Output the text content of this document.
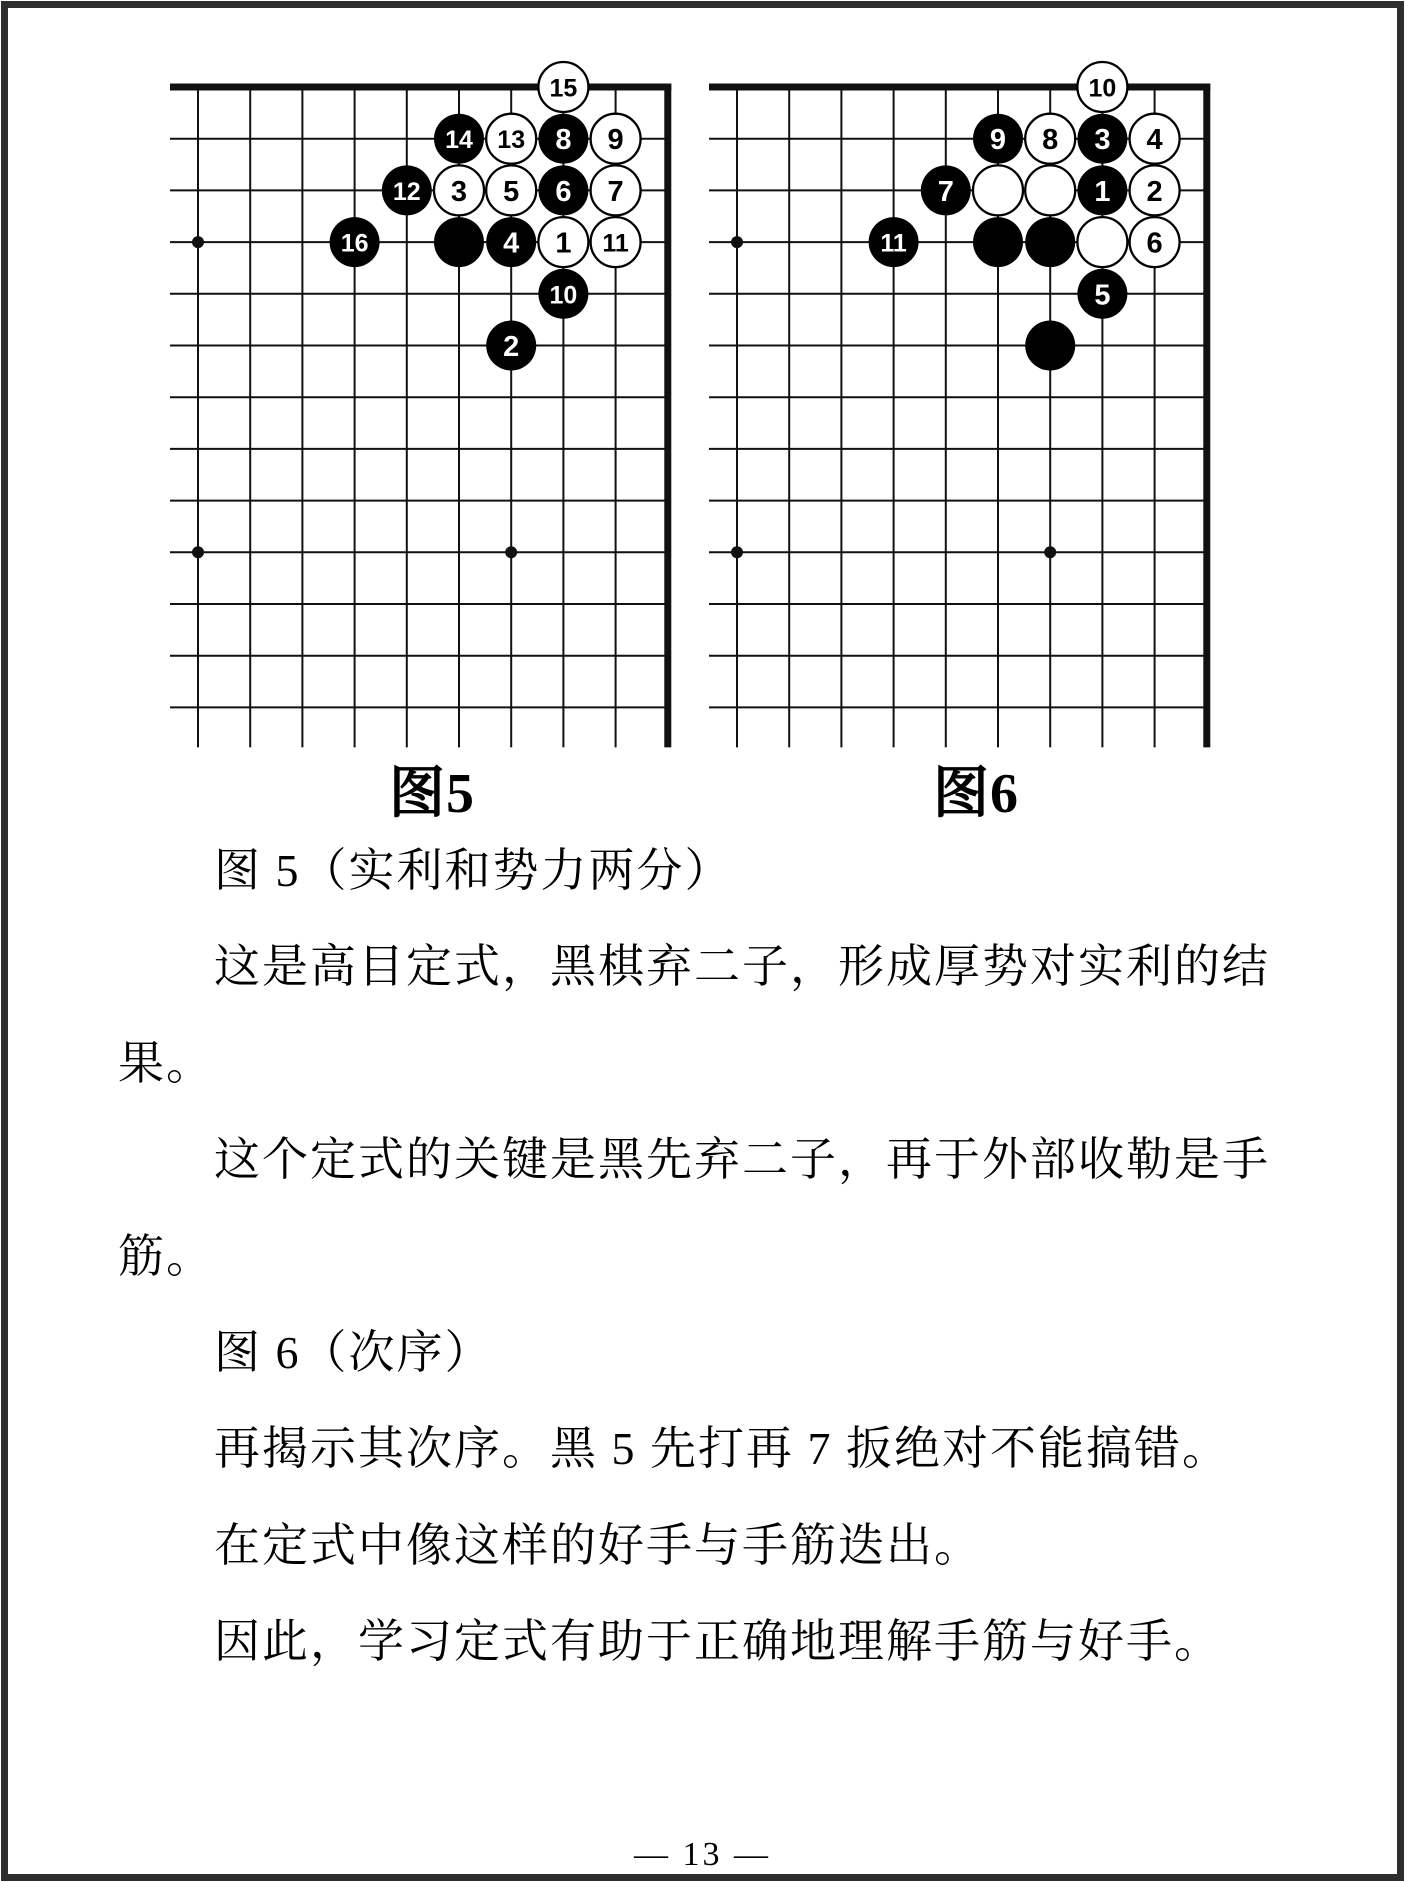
15
14 13 8 9
12 3 5 6 7
16	4 1 11
10
2
10
9 8 3 4
7	1 2
11	6
5
图5	图6
图 5（实利和势力两分）
这是高目定式，黑棋弃二子，形成厚势对实利的结
果。
这个定式的关键是黑先弃二子，再于外部收勒是手
筋。
图 6（次序）
再揭示其次序。黑 5 先打再 7 扳绝对不能搞错。
在定式中像这样的好手与手筋迭出。
因此，学习定式有助于正确地理解手筋与好手。
— 13 —
